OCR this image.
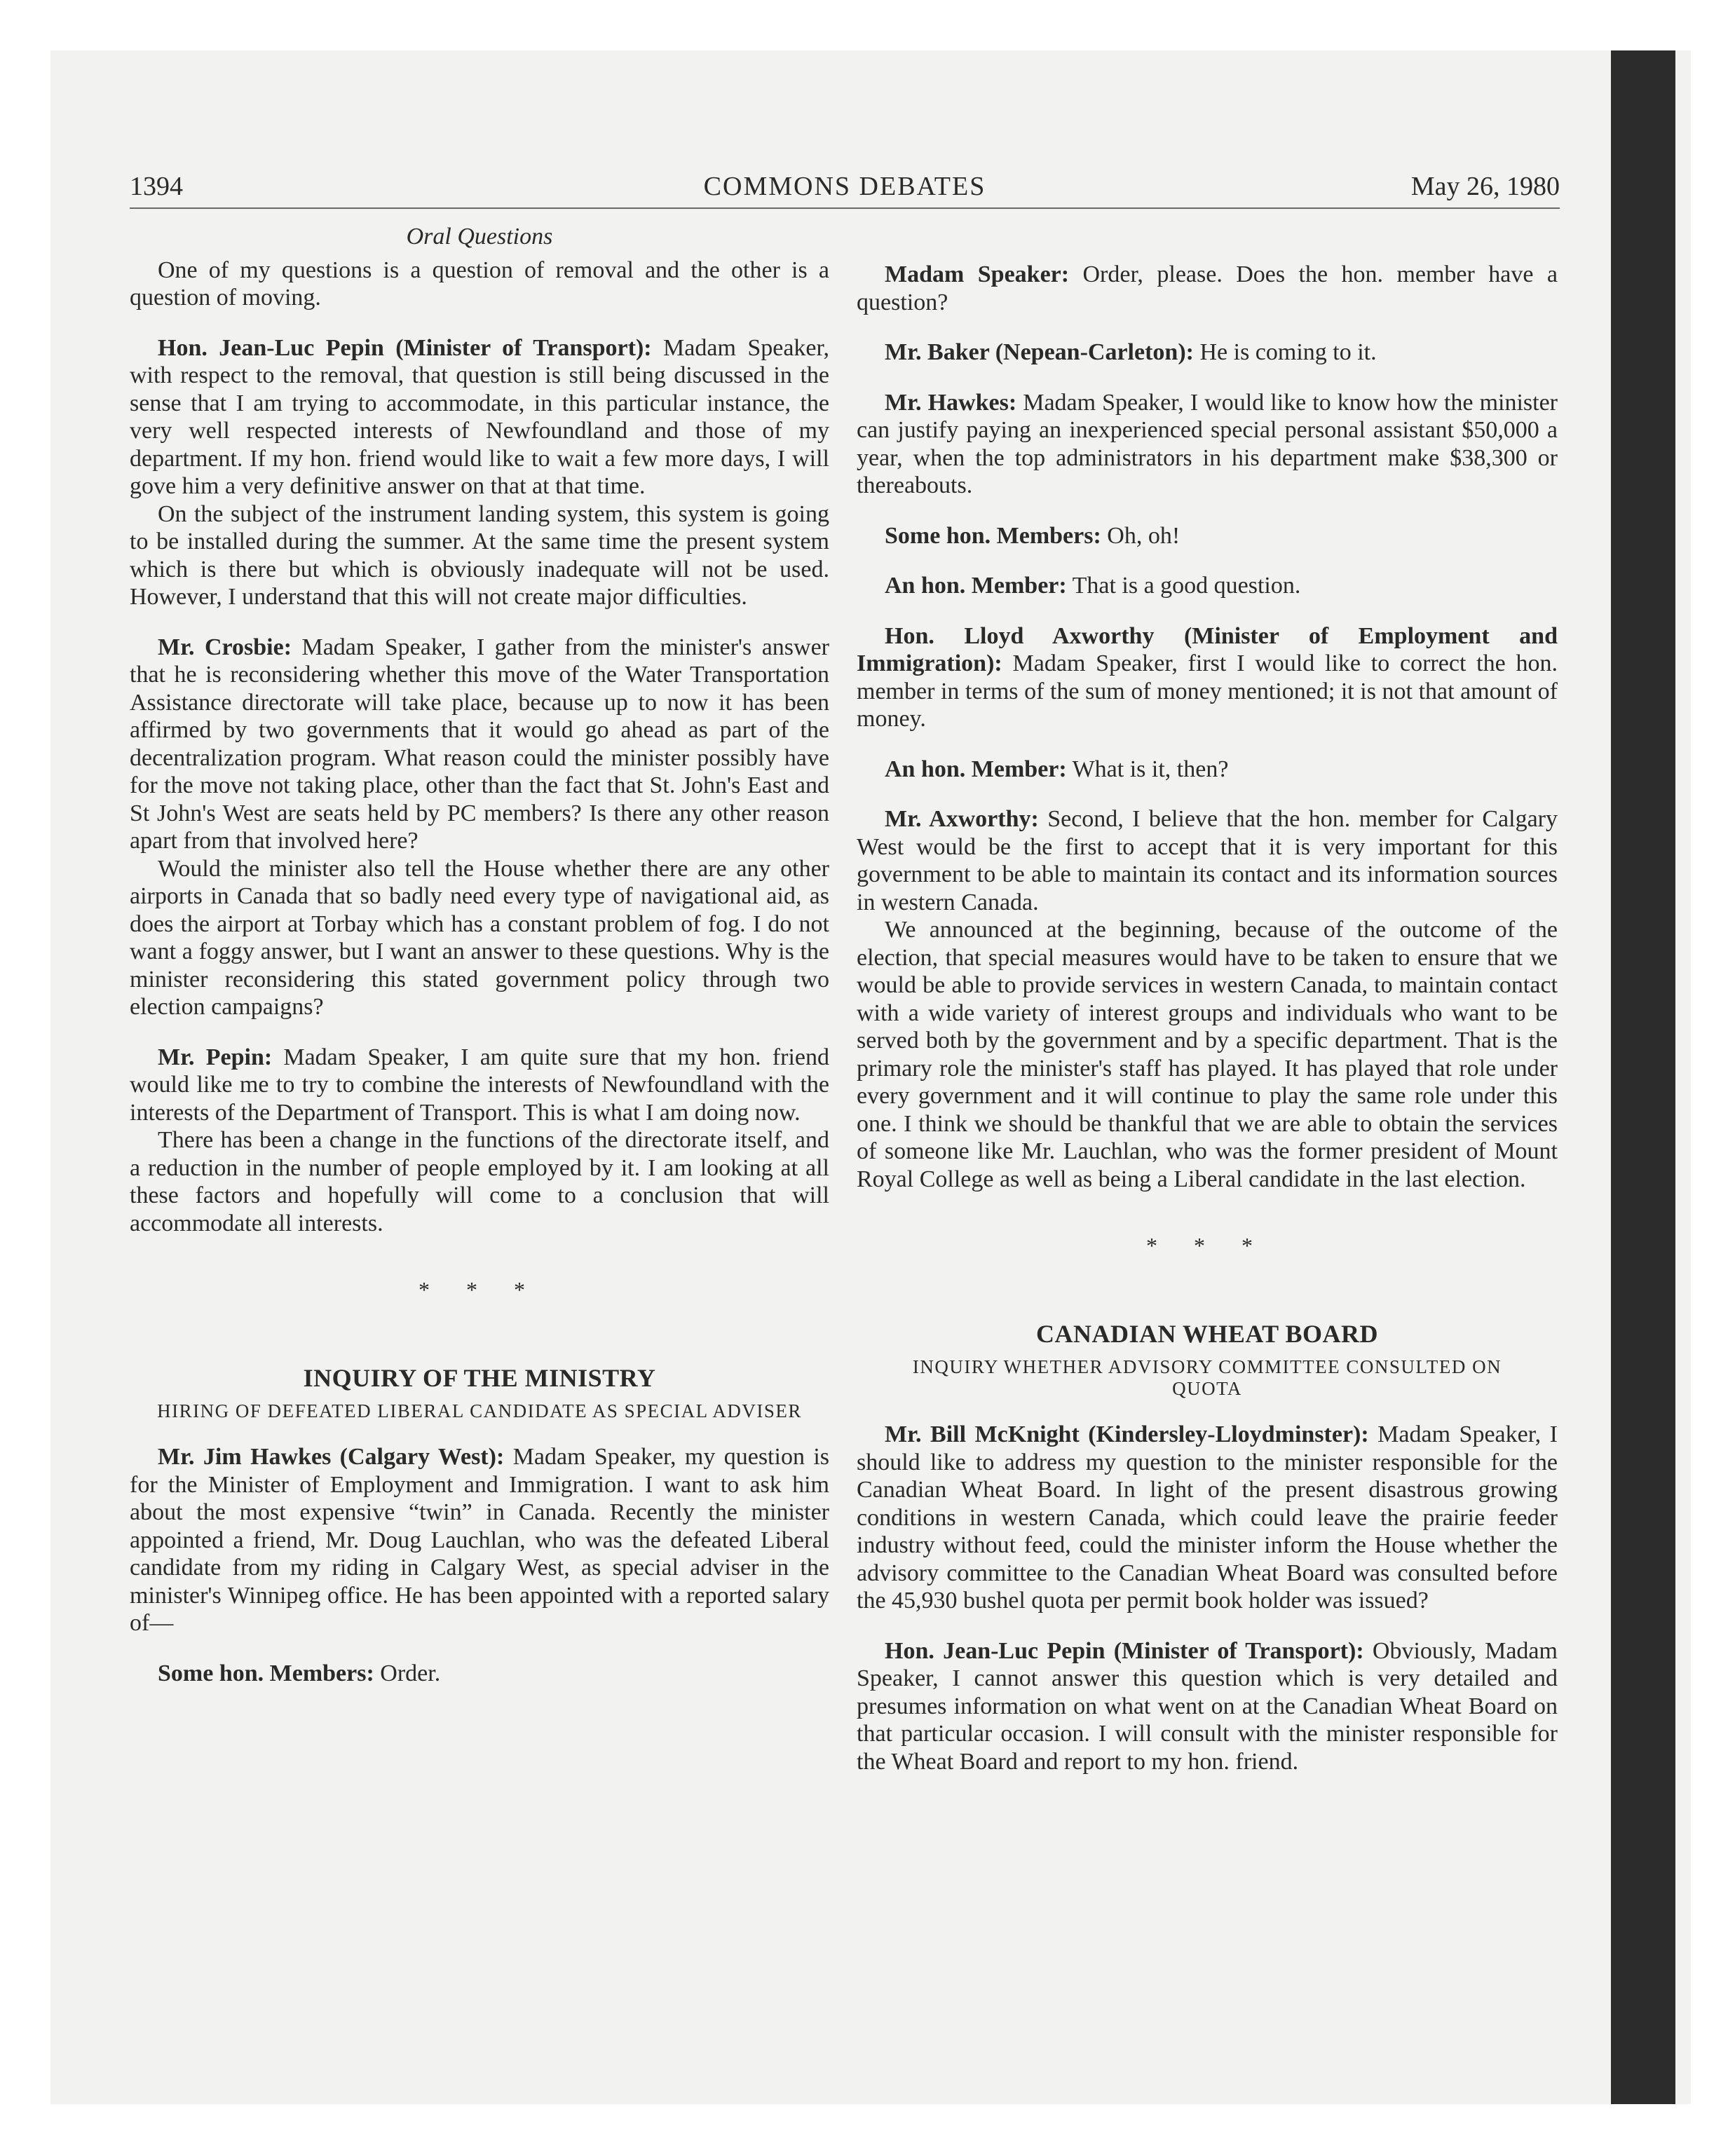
1394	COMMONS DEBATES	May 26, 1980
Oral Questions

One of my questions is a question of removal and the other is a question of moving.

Hon. Jean-Luc Pepin (Minister of Transport): Madam Speaker, with respect to the removal, that question is still being discussed in the sense that I am trying to accommodate, in this particular instance, the very well respected interests of Newfoundland and those of my department. If my hon. friend would like to wait a few more days, I will gove him a very definitive answer on that at that time.

On the subject of the instrument landing system, this system is going to be installed during the summer. At the same time the present system which is there but which is obviously inadequate will not be used. However, I understand that this will not create major difficulties.

Mr. Crosbie: Madam Speaker, I gather from the minister's answer that he is reconsidering whether this move of the Water Transportation Assistance directorate will take place, because up to now it has been affirmed by two governments that it would go ahead as part of the decentralization program. What reason could the minister possibly have for the move not taking place, other than the fact that St. John's East and St John's West are seats held by PC members? Is there any other reason apart from that involved here?

Would the minister also tell the House whether there are any other airports in Canada that so badly need every type of navigational aid, as does the airport at Torbay which has a constant problem of fog. I do not want a foggy answer, but I want an answer to these questions. Why is the minister reconsidering this stated government policy through two election campaigns?

Mr. Pepin: Madam Speaker, I am quite sure that my hon. friend would like me to try to combine the interests of Newfoundland with the interests of the Department of Transport. This is what I am doing now.

There has been a change in the functions of the directorate itself, and a reduction in the number of people employed by it. I am looking at all these factors and hopefully will come to a conclusion that will accommodate all interests.

* * *
INQUIRY OF THE MINISTRY
HIRING OF DEFEATED LIBERAL CANDIDATE AS SPECIAL ADVISER

Mr. Jim Hawkes (Calgary West): Madam Speaker, my question is for the Minister of Employment and Immigration. I want to ask him about the most expensive “twin” in Canada. Recently the minister appointed a friend, Mr. Doug Lauchlan, who was the defeated Liberal candidate from my riding in Calgary West, as special adviser in the minister's Winnipeg office. He has been appointed with a reported salary of—

Some hon. Members: Order.

Madam Speaker: Order, please. Does the hon. member have a question?

Mr. Baker (Nepean-Carleton): He is coming to it.

Mr. Hawkes: Madam Speaker, I would like to know how the minister can justify paying an inexperienced special personal assistant $50,000 a year, when the top administrators in his department make $38,300 or thereabouts.

Some hon. Members: Oh, oh!

An hon. Member: That is a good question.

Hon. Lloyd Axworthy (Minister of Employment and Immigration): Madam Speaker, first I would like to correct the hon. member in terms of the sum of money mentioned; it is not that amount of money.

An hon. Member: What is it, then?

Mr. Axworthy: Second, I believe that the hon. member for Calgary West would be the first to accept that it is very important for this government to be able to maintain its contact and its information sources in western Canada.

We announced at the beginning, because of the outcome of the election, that special measures would have to be taken to ensure that we would be able to provide services in western Canada, to maintain contact with a wide variety of interest groups and individuals who want to be served both by the government and by a specific department. That is the primary role the minister's staff has played. It has played that role under every government and it will continue to play the same role under this one. I think we should be thankful that we are able to obtain the services of someone like Mr. Lauchlan, who was the former president of Mount Royal College as well as being a Liberal candidate in the last election.

* * *
CANADIAN WHEAT BOARD
INQUIRY WHETHER ADVISORY COMMITTEE CONSULTED ON QUOTA

Mr. Bill McKnight (Kindersley-Lloydminster): Madam Speaker, I should like to address my question to the minister responsible for the Canadian Wheat Board. In light of the present disastrous growing conditions in western Canada, which could leave the prairie feeder industry without feed, could the minister inform the House whether the advisory committee to the Canadian Wheat Board was consulted before the 45,930 bushel quota per permit book holder was issued?

Hon. Jean-Luc Pepin (Minister of Transport): Obviously, Madam Speaker, I cannot answer this question which is very detailed and presumes information on what went on at the Canadian Wheat Board on that particular occasion. I will consult with the minister responsible for the Wheat Board and report to my hon. friend.
